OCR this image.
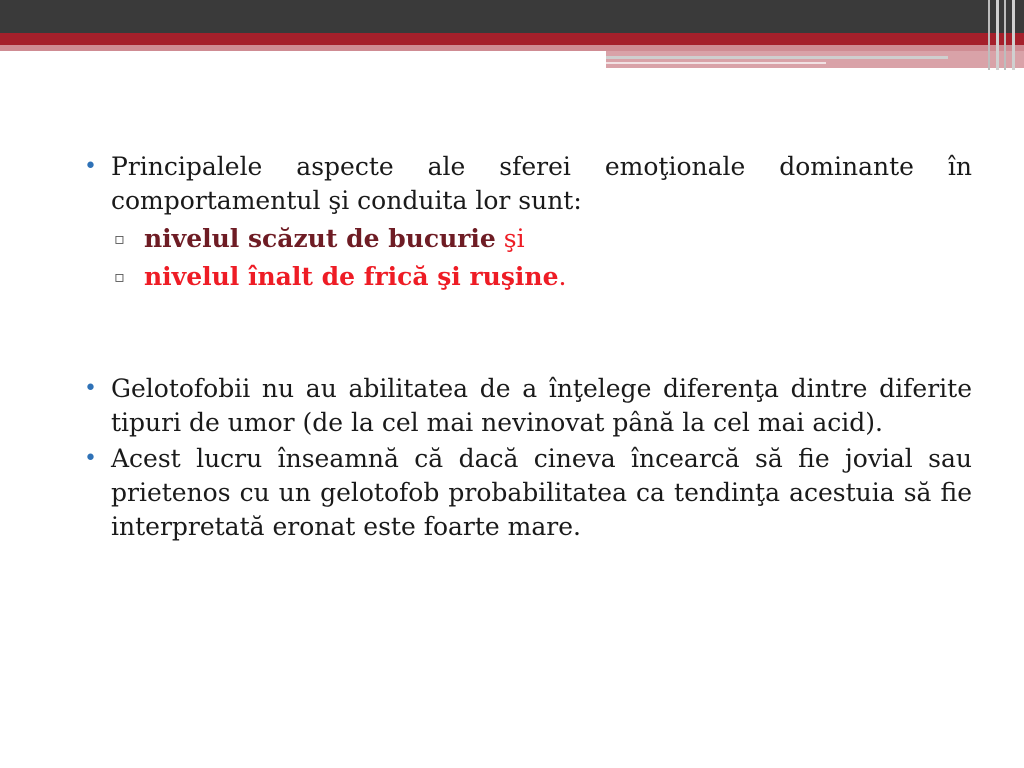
• Principalele aspecte ale sferei emoţionale dominante în comportamentul şi conduita lor sunt:
▫ nivelul scăzut de bucurie şi
▫ nivelul înalt de frică şi ruşine.
• Gelotofobii nu au abilitatea de a înţelege diferenţa dintre diferite tipuri de umor (de la cel mai nevinovat până la cel mai acid).
• Acest lucru înseamnă că dacă cineva încearcă să fie jovial sau prietenos cu un gelotofob probabilitatea ca tendinţa acestuia să fie interpretată eronat este foarte mare.
